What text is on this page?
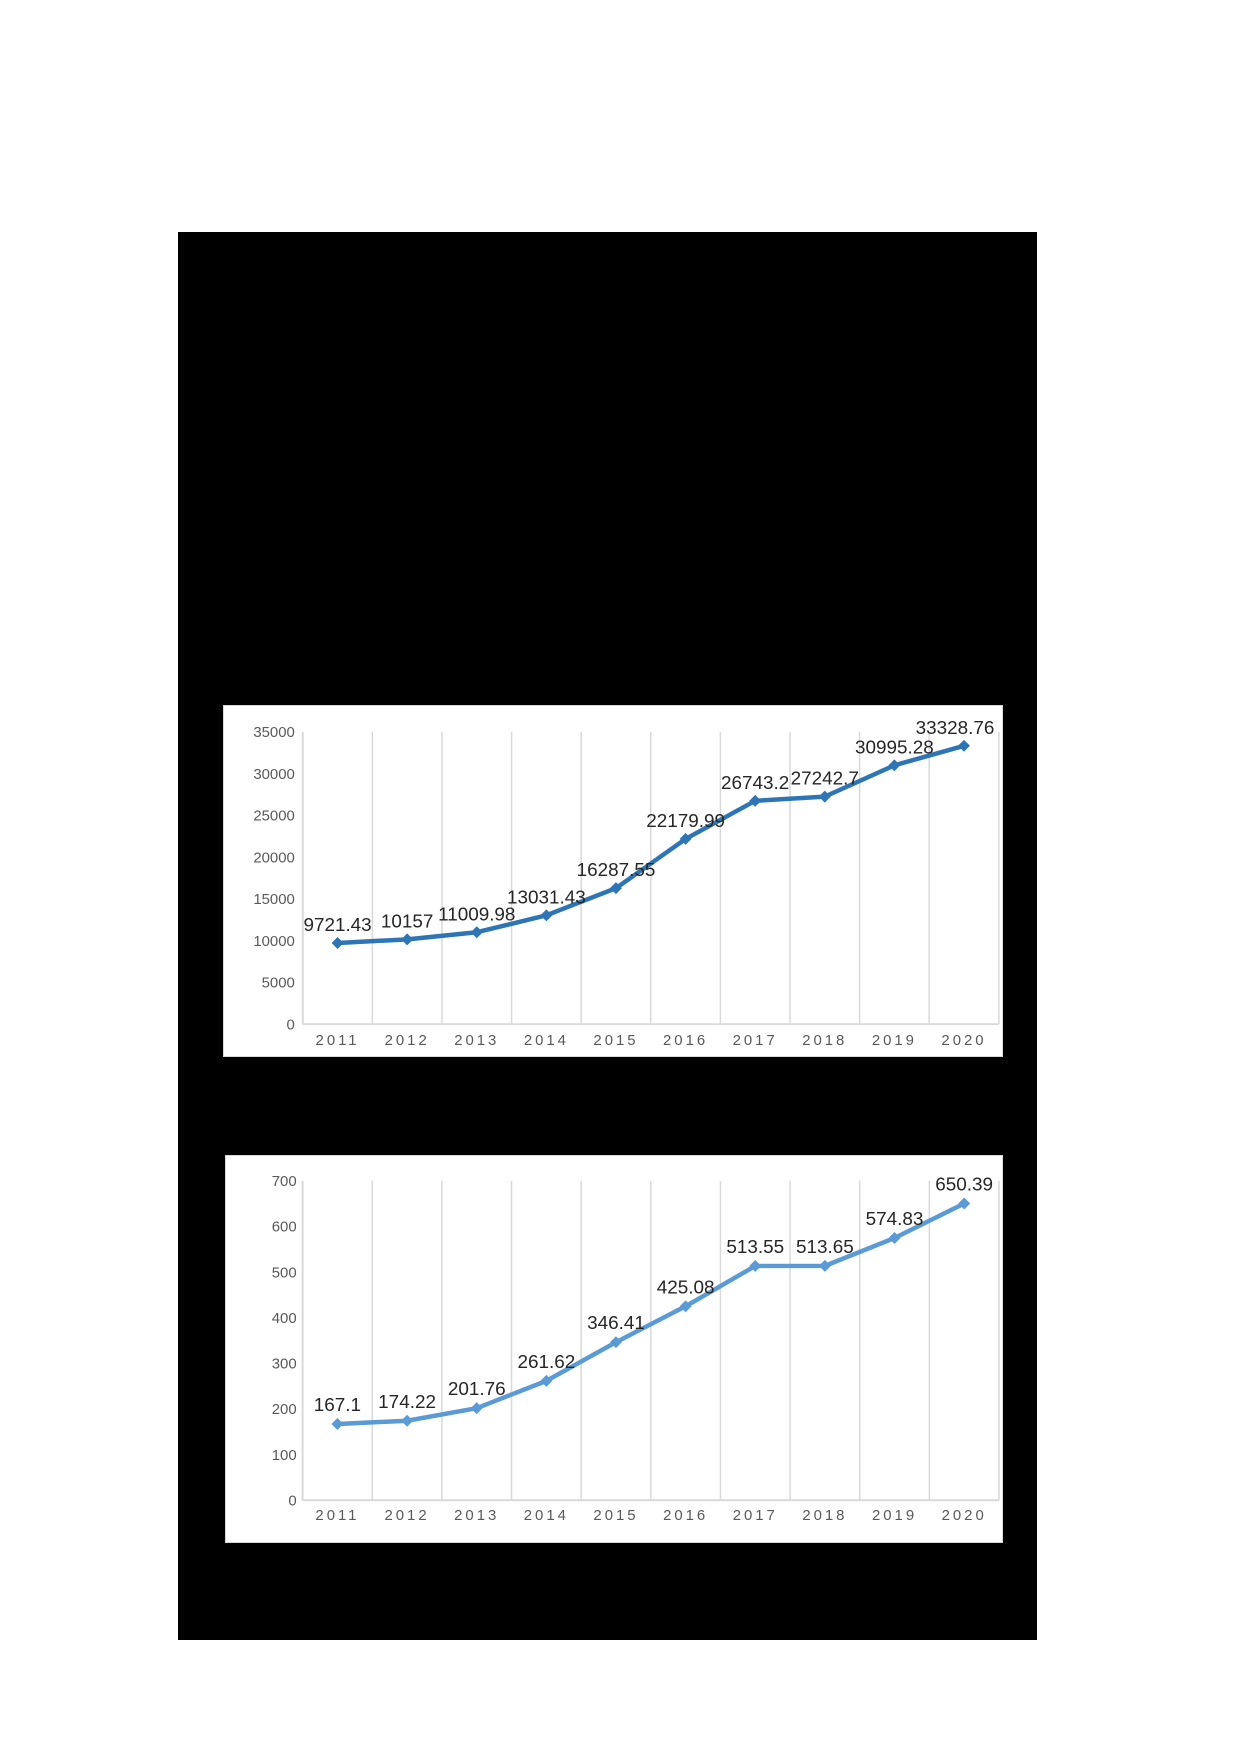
0
5000
10000
15000
20000
25000
30000
35000
2011 2012 2013 2014 2015 2016 2017 2018 2019 2020
9721.43 10157 11009.98
13031.43
16287.55
22179.99
26743.2 27242.7
30995.28
33328.76
0
100
200
300
400
500
600
700
2011 2012 2013 2014 2015 2016 2017 2018 2019 2020
167.1 174.22
201.76
261.62
346.41
425.08
513.55 513.65
574.83
650.39
